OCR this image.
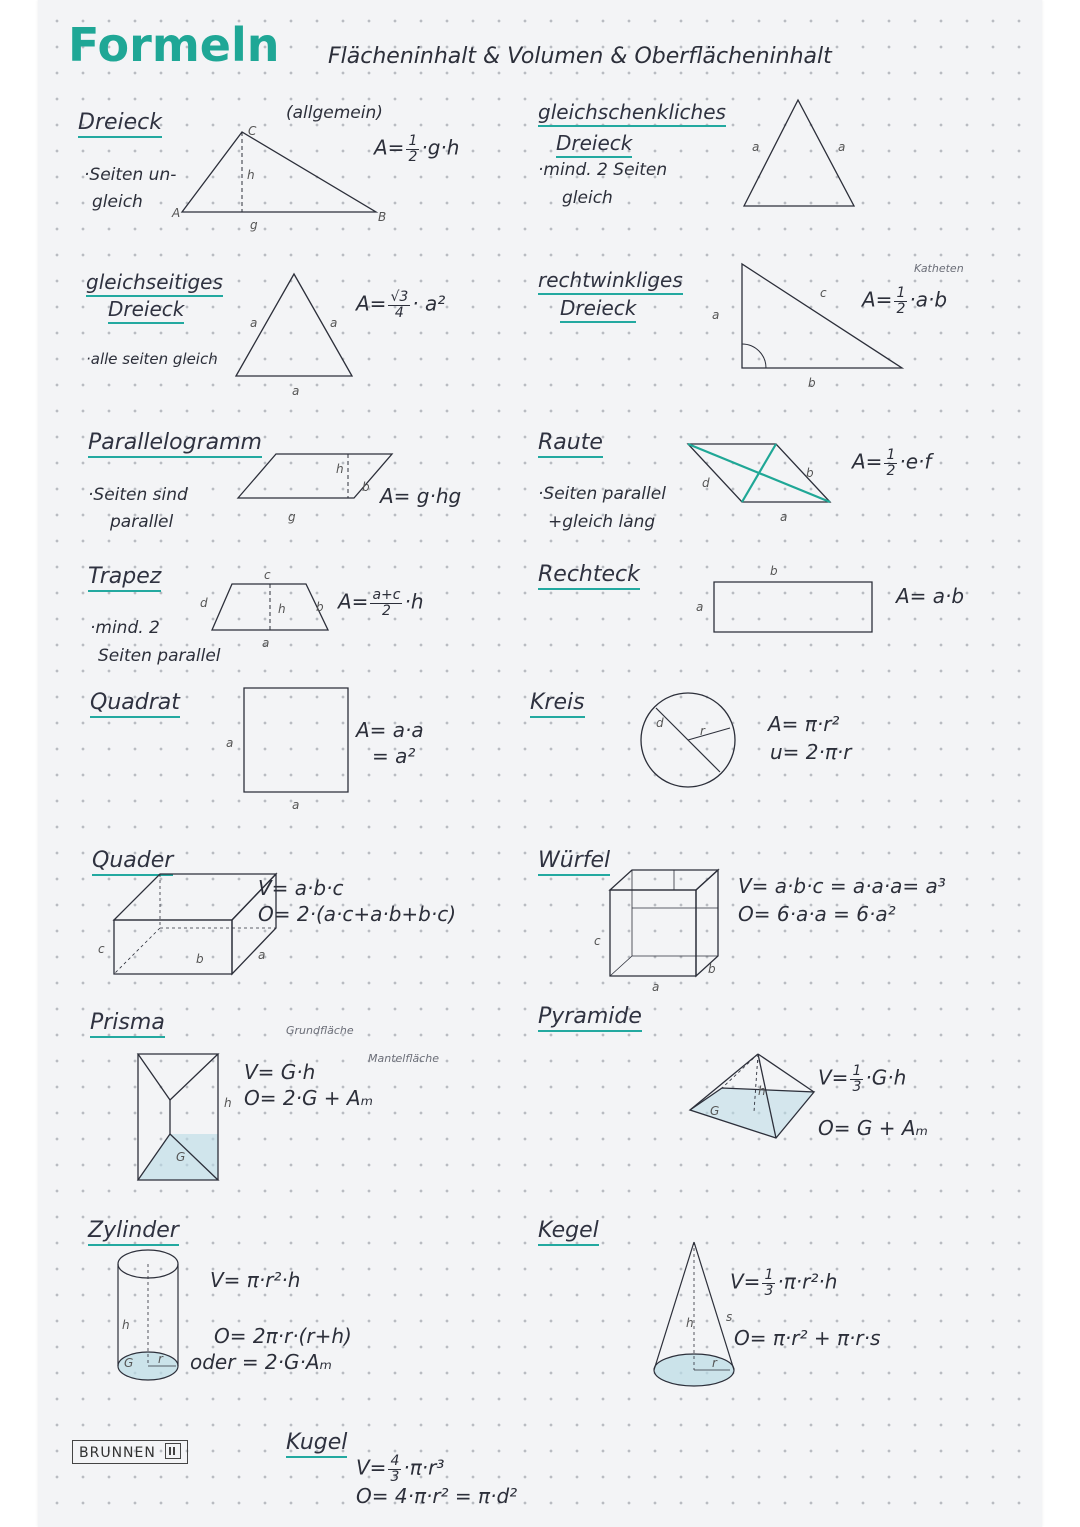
Formeln Flächeninhalt & Volumen & Oberflächeninhalt
Dreieck
·Seiten un-
gleich
C
h
g
A	B
(allgemein)
$A= \frac{1}{2} \cdot g\cdot h$
gleichschenkliches
Dreieck
·mind. 2 Seiten
gleich
a	a
gleichseitiges
Dreieck
·alle seiten gleich
a	a
a
$A= \frac{√3}{4} \cdot a^2$
rechtwinkliges
Dreieck	a
b
c
Katheten
$A= \frac{1}{2} \cdot a\cdot b$
Parallelogramm
·Seiten sind
parallel	g
h
b A= g·hg
Raute
·Seiten parallel
+gleich lang
d
a
b $A= \frac{1}{2} \cdot e\cdot f$
Trapez
·mind. 2
Seiten parallel
c
d
a
b
h	$A= \frac{a+c}{2} \cdot h$
Rechteck
a
b
A= a·b
Quadrat
a
a
A= a·a
= a²
Kreis
d
r	A= π·r²
u= 2·π·r
Quader
c
b	a
V= a·b·c
O= 2·(a·c+a·b+b·c)
Würfel
c
a
b
V= a·b·c = a·a·a= a³
O= 6·a·a = 6·a²
Prisma
G
h
Grundfläche
Mantelfläche
V= G·h
O= 2·G + Aₘ
Pyramide
G
h
$V= \frac{1}{3} \cdot G\cdot h$
O= G + Aₘ
Zylinder
h
G r
V= π·r²·h
O= 2π·r·(r+h)
oder = 2·G·Aₘ
Kegel
h
r
s
$V= \frac{1}{3} \cdot\pi\cdot r^2\cdot h$
O= π·r² + π·r·s
Kugel
$V= \frac{4}{3} \cdot\pi\cdot r^3$
O= 4·π·r² = π·d²
BRUNNEN
